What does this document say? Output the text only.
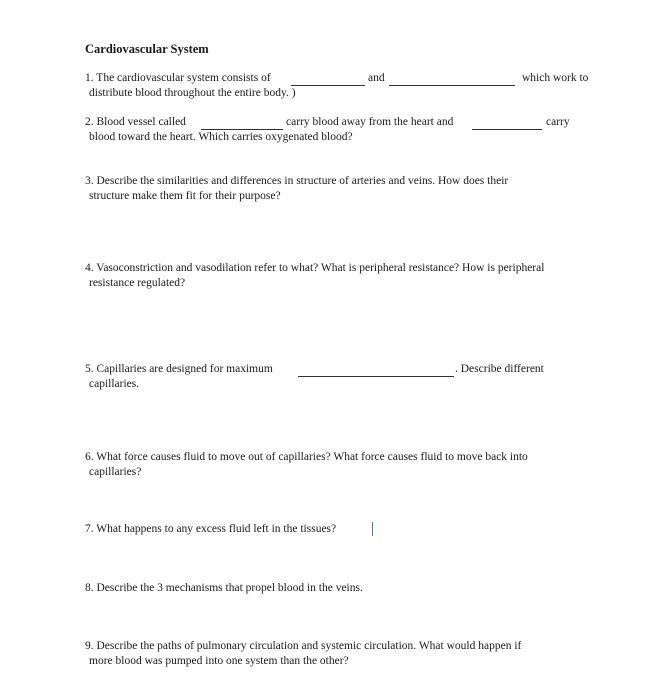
Cardiovascular System
1. The cardiovascular system consists of	and	which work to
distribute blood throughout the entire body. )
2. Blood vessel called	carry blood away from the heart and	carry
blood toward the heart. Which carries oxygenated blood?
3. Describe the similarities and differences in structure of arteries and veins. How does their
structure make them fit for their purpose?
4. Vasoconstriction and vasodilation refer to what? What is peripheral resistance? How is peripheral
resistance regulated?
5. Capillaries are designed for maximum	. Describe different
capillaries.
6. What force causes fluid to move out of capillaries? What force causes fluid to move back into
capillaries?
7. What happens to any excess fluid left in the tissues?
8. Describe the 3 mechanisms that propel blood in the veins.
9. Describe the paths of pulmonary circulation and systemic circulation. What would happen if
more blood was pumped into one system than the other?
